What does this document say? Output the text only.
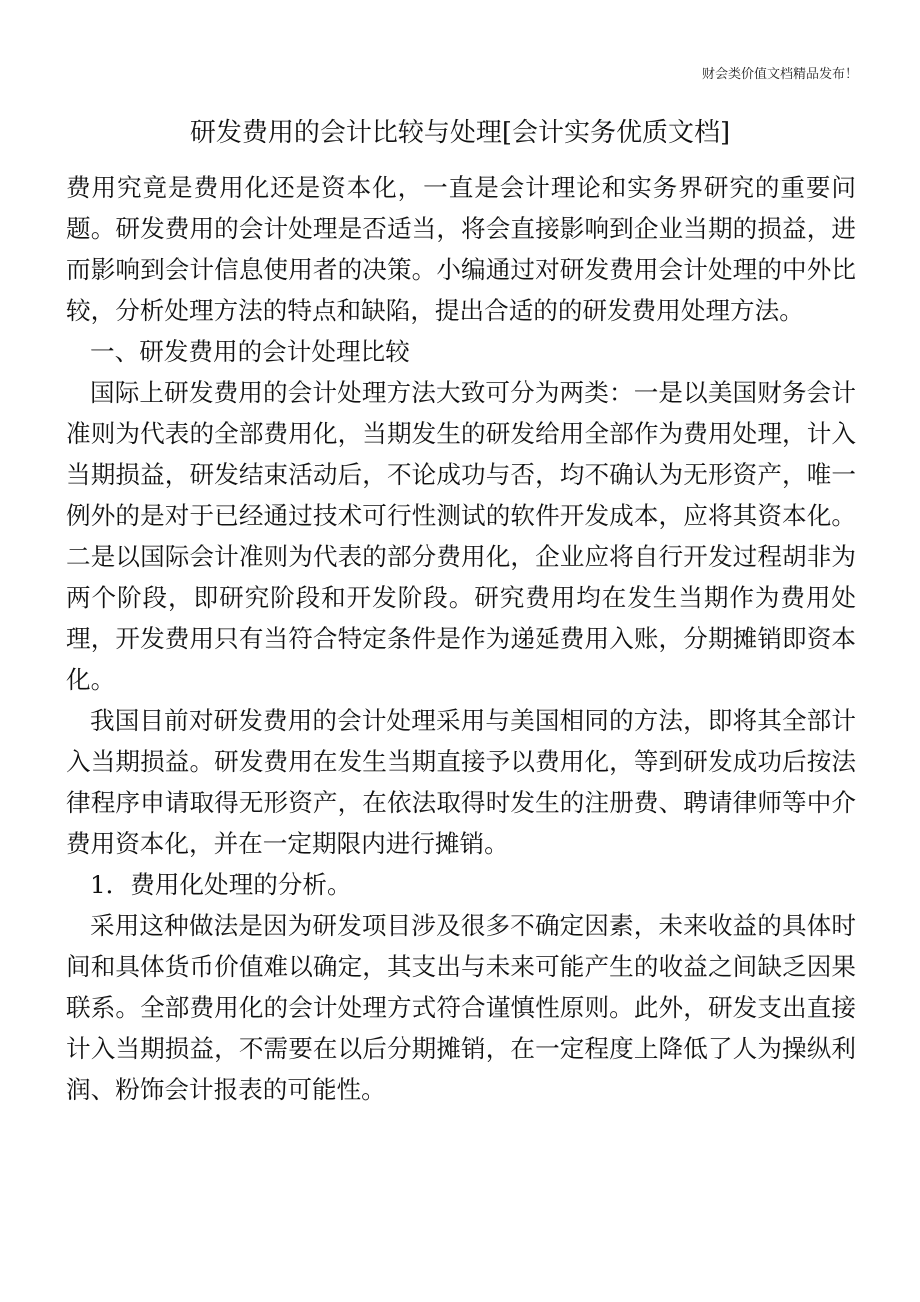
财会类价值文档精品发布！
研发费用的会计比较与处理[会计实务优质文档]

费用究竟是费用化还是资本化，一直是会计理论和实务界研究的重要问题。研发费用的会计处理是否适当，将会直接影响到企业当期的损益，进而影响到会计信息使用者的决策。小编通过对研发费用会计处理的中外比较，分析处理方法的特点和缺陷，提出合适的的研发费用处理方法。

一、研发费用的会计处理比较

国际上研发费用的会计处理方法大致可分为两类：一是以美国财务会计准则为代表的全部费用化，当期发生的研发给用全部作为费用处理，计入当期损益，研发结束活动后，不论成功与否，均不确认为无形资产，唯一例外的是对于已经通过技术可行性测试的软件开发成本，应将其资本化。二是以国际会计准则为代表的部分费用化，企业应将自行开发过程胡非为两个阶段，即研究阶段和开发阶段。研究费用均在发生当期作为费用处理，开发费用只有当符合特定条件是作为递延费用入账，分期摊销即资本化。

我国目前对研发费用的会计处理采用与美国相同的方法，即将其全部计入当期损益。研发费用在发生当期直接予以费用化，等到研发成功后按法律程序申请取得无形资产，在依法取得时发生的注册费、聘请律师等中介费用资本化，并在一定期限内进行摊销。

1．费用化处理的分析。

采用这种做法是因为研发项目涉及很多不确定因素，未来收益的具体时间和具体货币价值难以确定，其支出与未来可能产生的收益之间缺乏因果联系。全部费用化的会计处理方式符合谨慎性原则。此外，研发支出直接计入当期损益，不需要在以后分期摊销，在一定程度上降低了人为操纵利润、粉饰会计报表的可能性。
